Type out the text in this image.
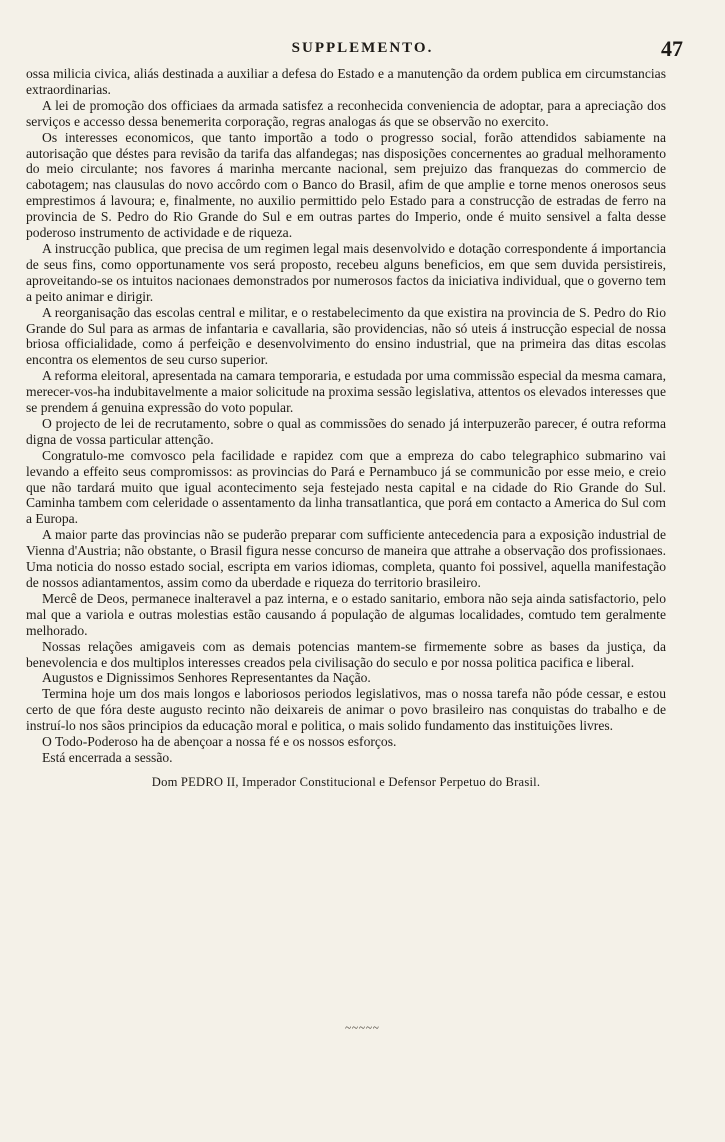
SUPPLEMENTO.	47

ossa milicia civica, aliás destinada a auxiliar a defesa do Estado e a manutenção da ordem publica em circumstancias extraordinarias.

A lei de promoção dos officiaes da armada satisfez a reconhecida conveniencia de adoptar, para a apreciação dos serviços e accesso dessa benemerita corporação, regras analogas ás que se observão no exercito.

Os interesses economicos, que tanto importão a todo o progresso social, forão attendidos sabiamente na autorisação que déstes para revisão da tarifa das alfandegas; nas disposições concernentes ao gradual melhoramento do meio circulante; nos favores á marinha mercante nacional, sem prejuizo das franquezas do commercio de cabotagem; nas clausulas do novo accôrdo com o Banco do Brasil, afim de que amplie e torne menos onerosos seus emprestimos á lavoura; e, finalmente, no auxilio permittido pelo Estado para a construcção de estradas de ferro na provincia de S. Pedro do Rio Grande do Sul e em outras partes do Imperio, onde é muito sensivel a falta desse poderoso instrumento de actividade e de riqueza.

A instrucção publica, que precisa de um regimen legal mais desenvolvido e dotação correspondente á importancia de seus fins, como opportunamente vos será proposto, recebeu alguns beneficios, em que sem duvida persistireis, aproveitando-se os intuitos nacionaes demonstrados por numerosos factos da iniciativa individual, que o governo tem a peito animar e dirigir.

A reorganisação das escolas central e militar, e o restabelecimento da que existira na provincia de S. Pedro do Rio Grande do Sul para as armas de infantaria e cavallaria, são providencias, não só uteis á instrucção especial de nossa briosa officialidade, como á perfeição e desenvolvimento do ensino industrial, que na primeira das ditas escolas encontra os elementos de seu curso superior.

A reforma eleitoral, apresentada na camara temporaria, e estudada por uma commissão especial da mesma camara, merecer-vos-ha indubitavelmente a maior solicitude na proxima sessão legislativa, attentos os elevados interesses que se prendem á genuina expressão do voto popular.

O projecto de lei de recrutamento, sobre o qual as commissões do senado já interpuzerão parecer, é outra reforma digna de vossa particular attenção.

Congratulo-me comvosco pela facilidade e rapidez com que a empreza do cabo telegraphico submarino vai levando a effeito seus compromissos: as provincias do Pará e Pernambuco já se communicão por esse meio, e creio que não tardará muito que igual acontecimento seja festejado nesta capital e na cidade do Rio Grande do Sul. Caminha tambem com celeridade o assentamento da linha transatlantica, que porá em contacto a America do Sul com a Europa.

A maior parte das provincias não se puderão preparar com sufficiente antecedencia para a exposição industrial de Vienna d'Austria; não obstante, o Brasil figura nesse concurso de maneira que attrahe a observação dos profissionaes. Uma noticia do nosso estado social, escripta em varios idiomas, completa, quanto foi possivel, aquella manifestação de nossos adiantamentos, assim como da uberdade e riqueza do territorio brasileiro.

Mercê de Deos, permanece inalteravel a paz interna, e o estado sanitario, embora não seja ainda satisfactorio, pelo mal que a variola e outras molestias estão causando á população de algumas localidades, comtudo tem geralmente melhorado.

Nossas relações amigaveis com as demais potencias mantem-se firmemente sobre as bases da justiça, da benevolencia e dos multiplos interesses creados pela civilisação do seculo e por nossa politica pacifica e liberal.

Augustos e Dignissimos Senhores Representantes da Nação.

Termina hoje um dos mais longos e laboriosos periodos legislativos, mas o nossa tarefa não póde cessar, e estou certo de que fóra deste augusto recinto não deixareis de animar o povo brasileiro nas conquistas do trabalho e de instruí-lo nos sãos principios da educação moral e politica, o mais solido fundamento das instituições livres.

O Todo-Poderoso ha de abençoar a nossa fé e os nossos esforços.

Está encerrada a sessão.

Dom PEDRO II, Imperador Constitucional e Defensor Perpetuo do Brasil.
~~~~~
